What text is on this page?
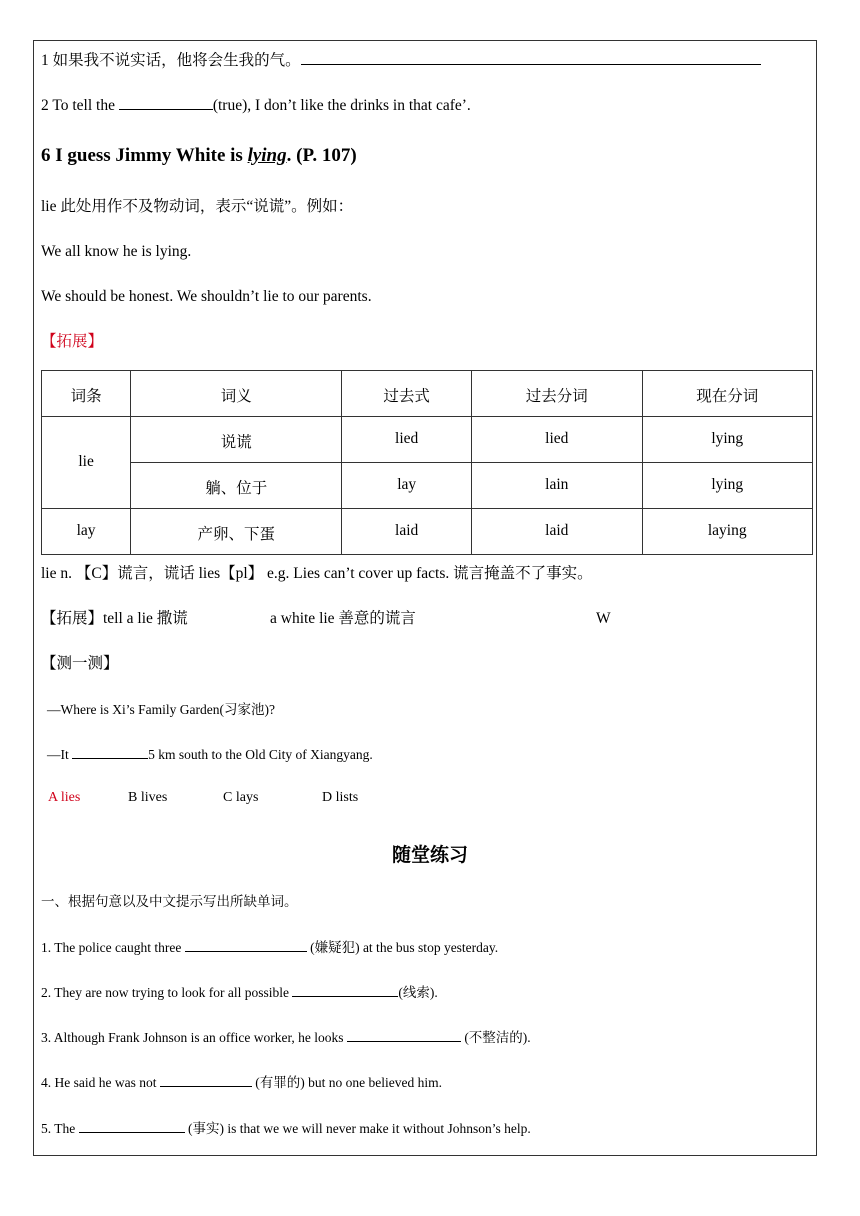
1 如果我不说实话，他将会生我的气。
2 To tell the	(true), I don’t like the drinks in that cafe’.
6 I guess Jimmy White is lying. (P. 107)
lie 此处用作不及物动词，表示“说谎”。例如：
We all know he is lying.
We should be honest. We shouldn’t lie to our parents.
【拓展】
词条	词义	过去式	过去分词	现在分词
lie	说谎	lied	lied	lying
	躺、位于	lay	lain	lying
lay	产卵、下蛋	laid	laid	laying
lie n. 【C】谎言，谎话 lies【pl】 e.g. Lies can’t cover up facts. 谎言掩盖不了事实。
【拓展】tell a lie 撒谎	a white lie 善意的谎言	W
【测一测】
—Where is Xi’s Family Garden(习家池)?
—It	5 km south to the Old City of Xiangyang.
A lies	B lives	C lays	D lists
随堂练习
一、根据句意以及中文提示写出所缺单词。
1. The police caught three	(嫌疑犯) at the bus stop yesterday.
2. They are now trying to look for all possible	(线索).
3. Although Frank Johnson is an office worker, he looks	(不整洁的).
4. He said he was not	(有罪的) but no one believed him.
5. The	(事实) is that we we will never make it without Johnson’s help.
